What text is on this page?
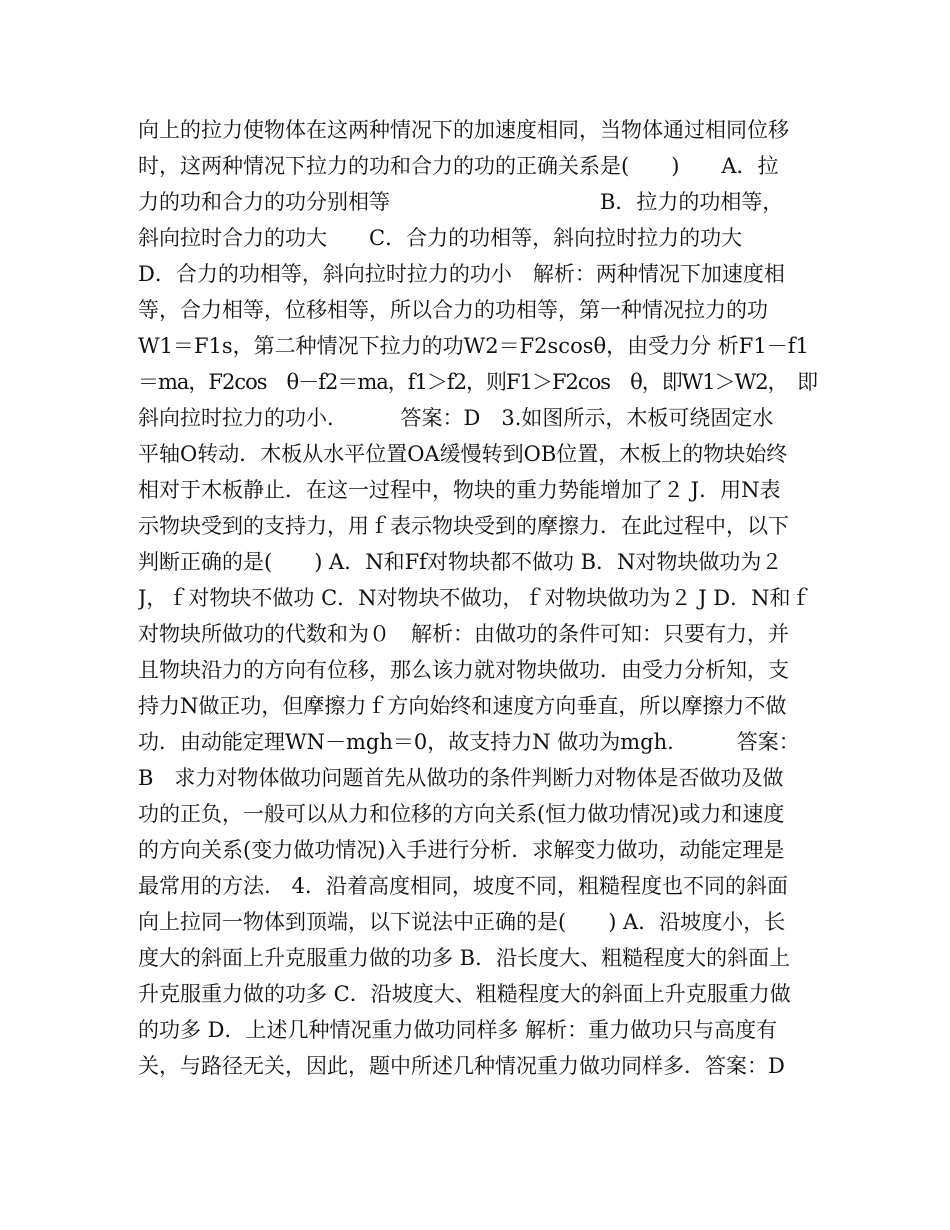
向上的拉力使物体在这两种情况下的加速度相同，当物体通过相同位移
时，这两种情况下拉力的功和合力的功的正确关系是(　　)　　A．拉
力的功和合力的功分别相等　　　　　　　　　　B．拉力的功相等，
斜向拉时合力的功大　　C．合力的功相等，斜向拉时拉力的功大
D．合力的功相等，斜向拉时拉力的功小　解析：两种情况下加速度相
等，合力相等，位移相等，所以合力的功相等，第一种情况拉力的功
W1＝F1s，第二种情况下拉力的功W2＝F2scosθ，由受力分 析F1－f1
＝ma，F2cos　θ－f2＝ma，f1＞f2，则F1＞F2cos　θ，即W1＞W2，　即
斜向拉时拉力的功小．　　　答案：D　3.如图所示，木板可绕固定水
平轴O转动．木板从水平位置OA缓慢转到OB位置，木板上的物块始终
相对于木板静止．在这一过程中，物块的重力势能增加了２ J．用N表
示物块受到的支持力，用ｆ表示物块受到的摩擦力．在此过程中，以下
判断正确的是(　　) A．N和Ff对物块都不做功 B．N对物块做功为２
J，ｆ对物块不做功 C．N对物块不做功，ｆ对物块做功为２ J D．N和ｆ
对物块所做功的代数和为０　解析：由做功的条件可知：只要有力，并
且物块沿力的方向有位移，那么该力就对物块做功．由受力分析知，支
持力N做正功，但摩擦力ｆ方向始终和速度方向垂直，所以摩擦力不做
功．由动能定理WN－mgh＝0，故支持力N 做功为mgh.　　　答案：
B　求力对物体做功问题首先从做功的条件判断力对物体是否做功及做
功的正负，一般可以从力和位移的方向关系(恒力做功情况)或力和速度
的方向关系(变力做功情况)入手进行分析．求解变力做功，动能定理是
最常用的方法.　4．沿着高度相同，坡度不同，粗糙程度也不同的斜面
向上拉同一物体到顶端，以下说法中正确的是(　　) A．沿坡度小，长
度大的斜面上升克服重力做的功多 B．沿长度大、粗糙程度大的斜面上
升克服重力做的功多 C．沿坡度大、粗糙程度大的斜面上升克服重力做
的功多 D．上述几种情况重力做功同样多 解析：重力做功只与高度有
关，与路径无关，因此，题中所述几种情况重力做功同样多．答案：D
